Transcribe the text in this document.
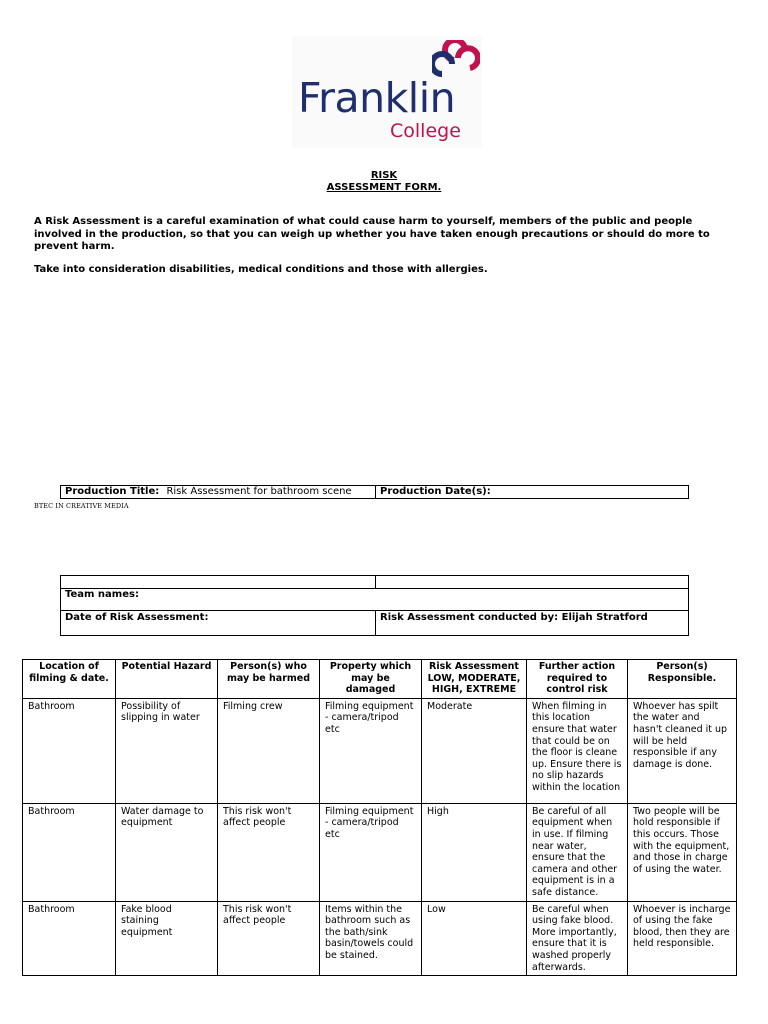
Franklin
College
RISK
ASSESSMENT FORM.
A Risk Assessment is a careful examination of what could cause harm to yourself, members of the public and people involved in the production, so that you can weigh up whether you have taken enough precautions or should do more to prevent harm.
Take into consideration disabilities, medical conditions and those with allergies.
Production Title: Risk Assessment for bathroom scene	Production Date(s):
BTEC IN CREATIVE MEDIA
Team names:
Date of Risk Assessment:	Risk Assessment conducted by: Elijah Stratford
Location of filming & date.	Potential Hazard	Person(s) who may be harmed	Property which may be damaged	Risk Assessment LOW, MODERATE, HIGH, EXTREME	Further action required to control risk	Person(s) Responsible.
Bathroom	Possibility of slipping in water	Filming crew	Filming equipment - camera/tripod etc	Moderate	When filming in this location ensure that water that could be on the floor is cleane up. Ensure there is no slip hazards within the location	Whoever has spilt the water and hasn't cleaned it up will be held responsible if any damage is done.
Bathroom	Water damage to equipment	This risk won't affect people	Filming equipment - camera/tripod etc	High	Be careful of all equipment when in use. If filming near water, ensure that the camera and other equipment is in a safe distance.	Two people will be hold responsible if this occurs. Those with the equipment, and those in charge of using the water.
Bathroom	Fake blood staining equipment	This risk won't affect people	Items within the bathroom such as the bath/sink basin/towels could be stained.	Low	Be careful when using fake blood. More importantly, ensure that it is washed properly afterwards.	Whoever is incharge of using the fake blood, then they are held responsible.
